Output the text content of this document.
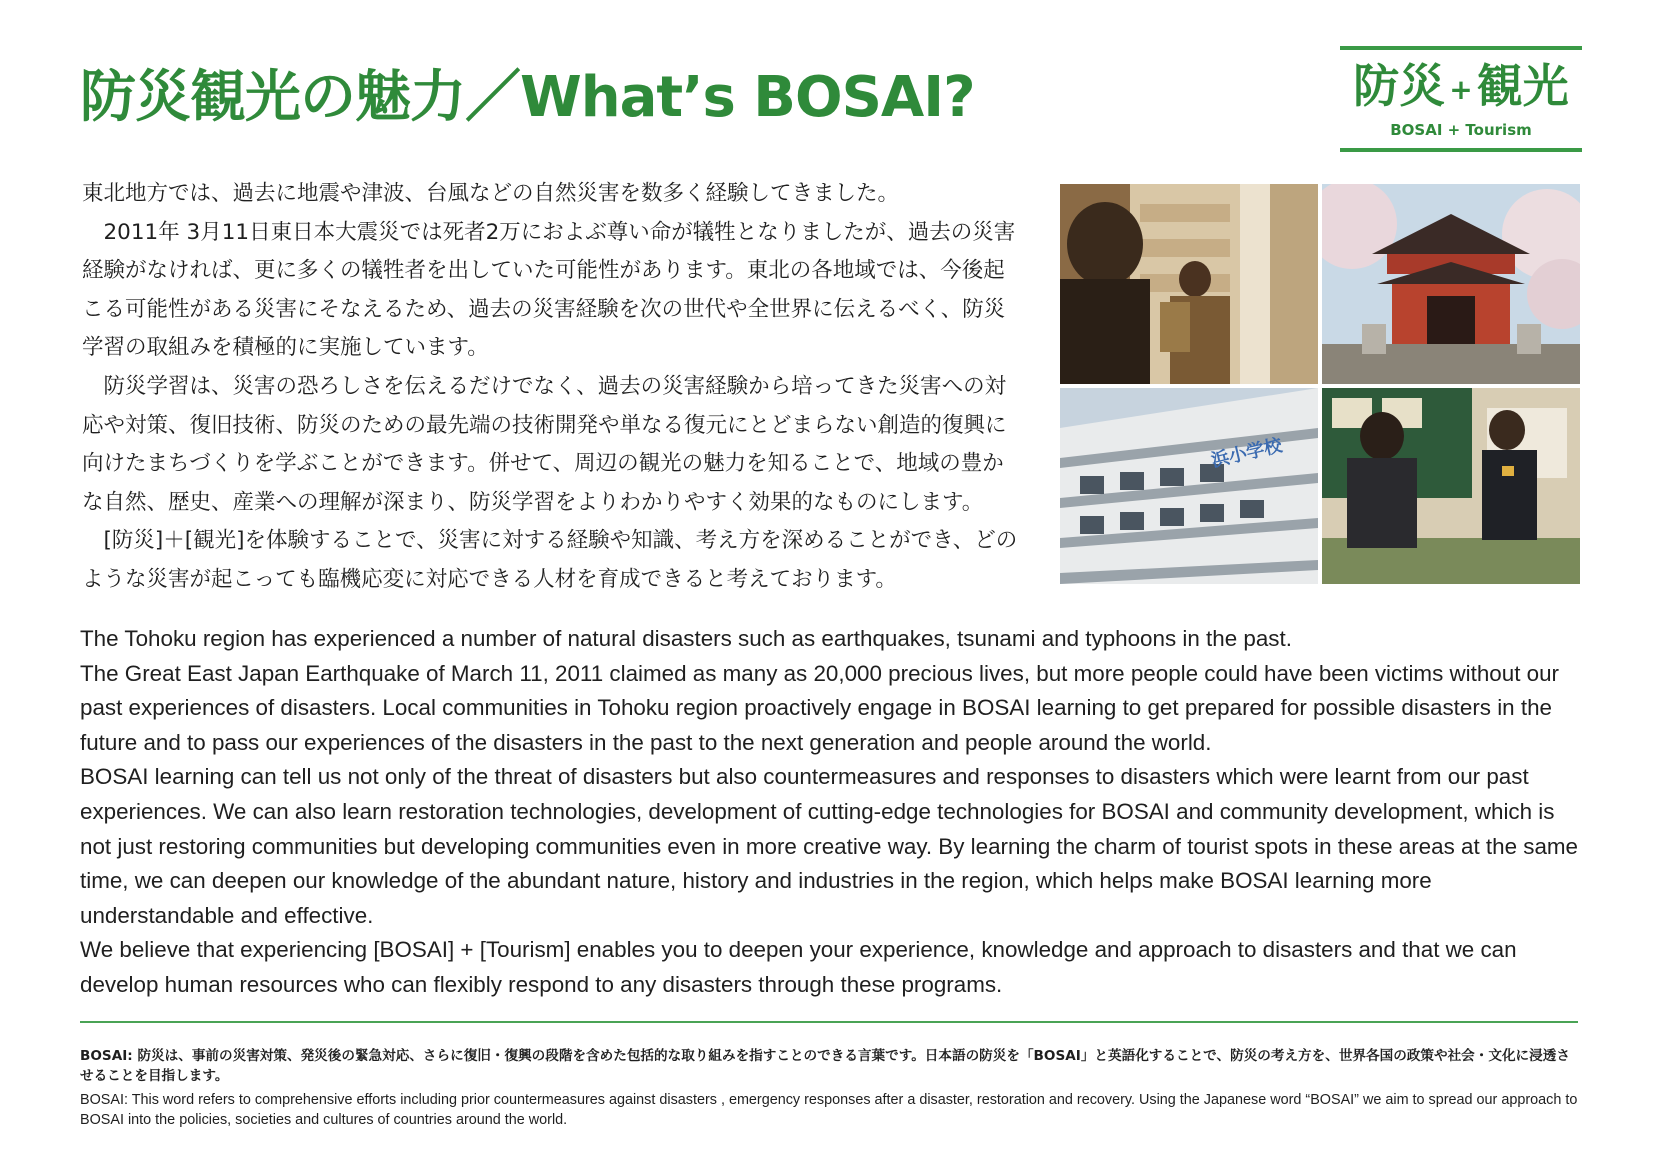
防災観光の魅力／What’s BOSAI?	防災 +観光
BOSAI + Tourism

東北地方では、過去に地震や津波、台風などの自然災害を数多く経験してきました。

2011年 3月11日東日本大震災では死者2万におよぶ尊い命が犠牲となりましたが、過去の災害経験がなければ、更に多くの犠牲者を出していた可能性があります。東北の各地域では、今後起こる可能性がある災害にそなえるため、過去の災害経験を次の世代や全世界に伝えるべく、防災学習の取組みを積極的に実施しています。

防災学習は、災害の恐ろしさを伝えるだけでなく、過去の災害経験から培ってきた災害への対応や対策、復旧技術、防災のための最先端の技術開発や単なる復元にとどまらない創造的復興に向けたまちづくりを学ぶことができます。併せて、周辺の観光の魅力を知ることで、地域の豊かな自然、歴史、産業への理解が深まり、防災学習をよりわかりやすく効果的なものにします。

[防災]＋[観光]を体験することで、災害に対する経験や知識、考え方を深めることができ、どのような災害が起こっても臨機応変に対応できる人材を育成できると考えております。

浜小学校

The Tohoku region has experienced a number of natural disasters such as earthquakes, tsunami and typhoons in the past.

The Great East Japan Earthquake of March 11, 2011 claimed as many as 20,000 precious lives, but more people could have been victims without our past experiences of disasters. Local communities in Tohoku region proactively engage in BOSAI learning to get prepared for possible disasters in the future and to pass our experiences of the disasters in the past to the next generation and people around the world.

BOSAI learning can tell us not only of the threat of disasters but also countermeasures and responses to disasters which were learnt from our past experiences. We can also learn restoration technologies, development of cutting-edge technologies for BOSAI and community development, which is not just restoring communities but developing communities even in more creative way. By learning the charm of tourist spots in these areas at the same time, we can deepen our knowledge of the abundant nature, history and industries in the region, which helps make BOSAI learning more understandable and effective.

We believe that experiencing [BOSAI] + [Tourism] enables you to deepen your experience, knowledge and approach to disasters and that we can develop human resources who can flexibly respond to any disasters through these programs.

BOSAI: 防災は、事前の災害対策、発災後の緊急対応、さらに復旧・復興の段階を含めた包括的な取り組みを指すことのできる言葉です。日本語の防災を「BOSAI」と英語化することで、防災の考え方を、世界各国の政策や社会・文化に浸透させることを目指します。
BOSAI: This word refers to comprehensive efforts including prior countermeasures against disasters , emergency responses after a disaster, restoration and recovery. Using the Japanese word “BOSAI” we aim to spread our approach to BOSAI into the policies, societies and cultures of countries around the world.
